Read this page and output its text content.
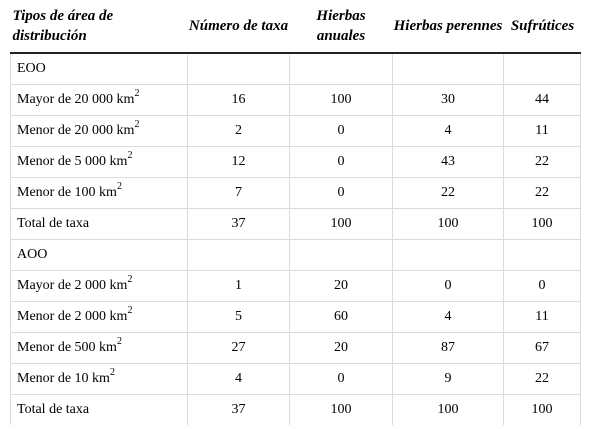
Tipos de área de distribución	Número de taxa	Hierbas anuales	Hierbas perennes	Sufrútices
EOO				
Mayor de 20 000 $km^2$	16	100	30	44
Menor de 20 000 $km^2$	2	0	4	11
Menor de 5 000 $km^2$	12	0	43	22
Menor de 100 $km^2$	7	0	22	22
Total de taxa	37	100	100	100
AOO				
Mayor de 2 000 $km^2$	1	20	0	0
Menor de 2 000 $km^2$	5	60	4	11
Menor de 500 $km^2$	27	20	87	67
Menor de 10 $km^2$	4	0	9	22
Total de taxa	37	100	100	100
